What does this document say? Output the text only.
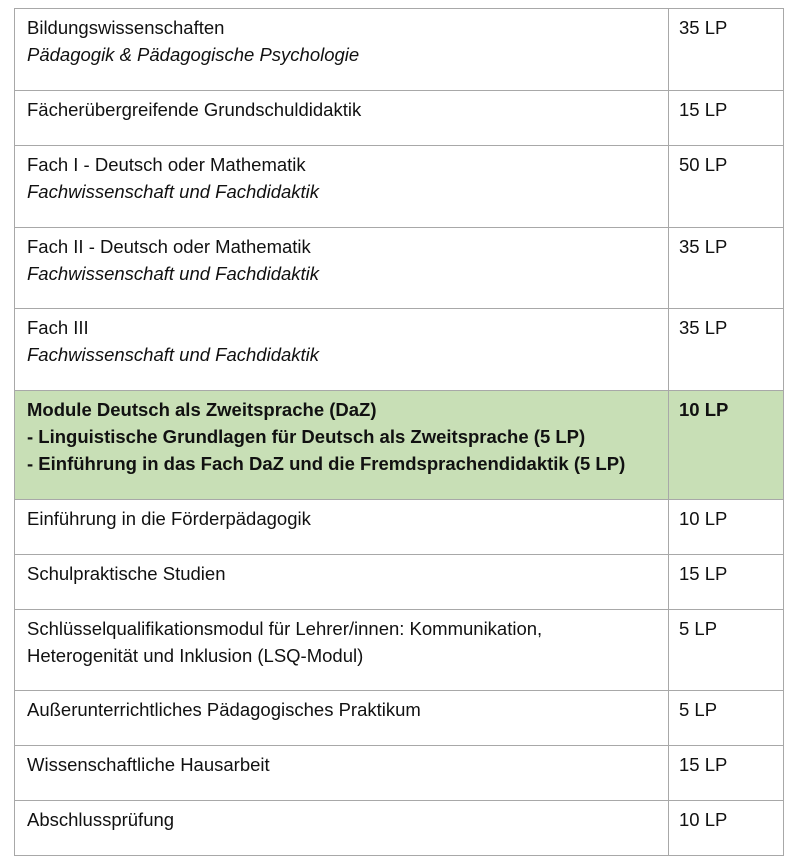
Bildungswissenschaften
Pädagogik & Pädagogische Psychologie	35 LP

Fächerübergreifende Grundschuldidaktik	15 LP

Fach I - Deutsch oder Mathematik
Fachwissenschaft und Fachdidaktik	50 LP

Fach II - Deutsch oder Mathematik
Fachwissenschaft und Fachdidaktik	35 LP

Fach III
Fachwissenschaft und Fachdidaktik	35 LP

Module Deutsch als Zweitsprache (DaZ)
- Linguistische Grundlagen für Deutsch als Zweitsprache (5 LP)
- Einführung in das Fach DaZ und die Fremdsprachendidaktik (5 LP)	10 LP

Einführung in die Förderpädagogik	10 LP

Schulpraktische Studien	15 LP

Schlüsselqualifikationsmodul für Lehrer/innen: Kommunikation,
Heterogenität und Inklusion (LSQ-Modul)	5 LP

Außerunterrichtliches Pädagogisches Praktikum	5 LP

Wissenschaftliche Hausarbeit	15 LP

Abschlussprüfung	10 LP
